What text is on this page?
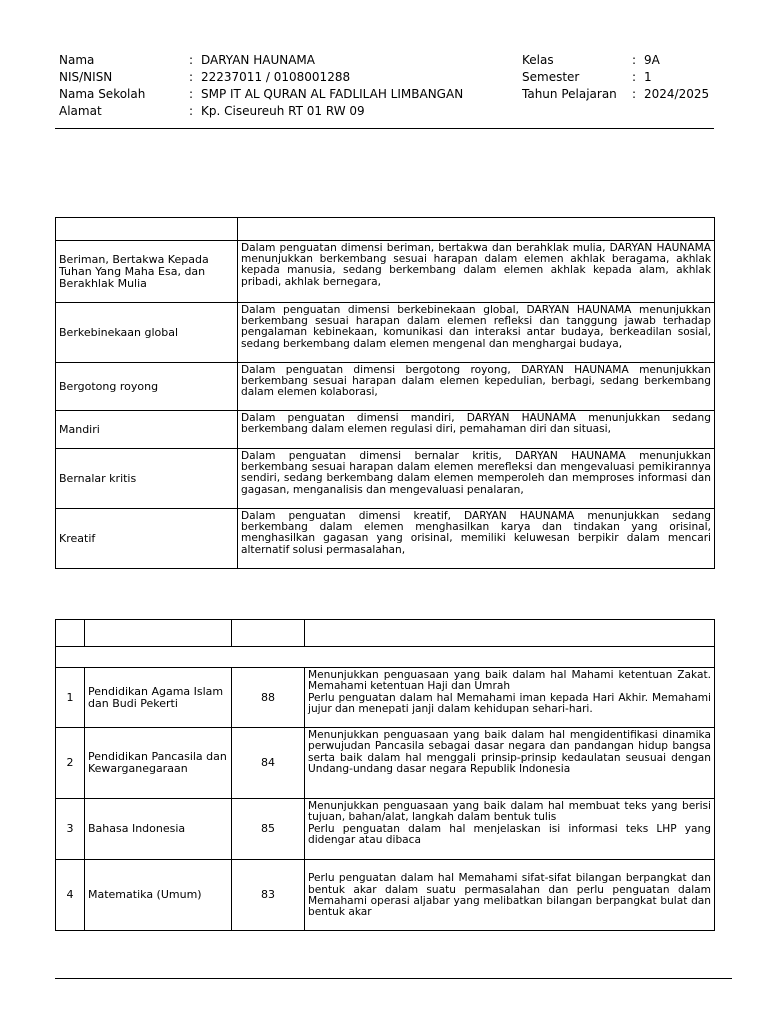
Nama	: DARYAN HAUNAMA
NIS/NISN	: 22237011 / 0108001288
Nama Sekolah	: SMP IT AL QURAN AL FADLILAH LIMBANGAN
Alamat	: Kp. Ciseureuh RT 01 RW 09
Kelas	: 9A
Semester	: 1
Tahun Pelajaran : 2024/2025

Beriman, Bertakwa Kepada Tuhan Yang Maha Esa, dan Berakhlak Mulia	Dalam penguatan dimensi beriman, bertakwa dan berahklak mulia, DARYAN HAUNAMA menunjukkan berkembang sesuai harapan dalam elemen akhlak beragama, akhlak kepada manusia, sedang berkembang dalam elemen akhlak kepada alam, akhlak pribadi, akhlak bernegara,
Berkebinekaan global	Dalam penguatan dimensi berkebinekaan global, DARYAN HAUNAMA menunjukkan berkembang sesuai harapan dalam elemen refleksi dan tanggung jawab terhadap pengalaman kebinekaan, komunikasi dan interaksi antar budaya, berkeadilan sosial, sedang berkembang dalam elemen mengenal dan menghargai budaya,
Bergotong royong	Dalam penguatan dimensi bergotong royong, DARYAN HAUNAMA menunjukkan berkembang sesuai harapan dalam elemen kepedulian, berbagi, sedang berkembang dalam elemen kolaborasi,
Mandiri	Dalam penguatan dimensi mandiri, DARYAN HAUNAMA menunjukkan sedang berkembang dalam elemen regulasi diri, pemahaman diri dan situasi,
Bernalar kritis	Dalam penguatan dimensi bernalar kritis, DARYAN HAUNAMA menunjukkan berkembang sesuai harapan dalam elemen merefleksi dan mengevaluasi pemikirannya sendiri, sedang berkembang dalam elemen memperoleh dan memproses informasi dan gagasan, menganalisis dan mengevaluasi penalaran,
Kreatif	Dalam penguatan dimensi kreatif, DARYAN HAUNAMA menunjukkan sedang berkembang dalam elemen menghasilkan karya dan tindakan yang orisinal, menghasilkan gagasan yang orisinal, memiliki keluwesan berpikir dalam mencari alternatif solusi permasalahan,

1	Pendidikan Agama Islam dan Budi Pekerti	88	Menunjukkan penguasaan yang baik dalam hal Mahami ketentuan Zakat. Memahami ketentuan Haji dan Umrah
Perlu penguatan dalam hal Memahami iman kepada Hari Akhir. Memahami jujur dan menepati janji dalam kehidupan sehari-hari.
2	Pendidikan Pancasila dan Kewarganegaraan	84	Menunjukkan penguasaan yang baik dalam hal mengidentifikasi dinamika perwujudan Pancasila sebagai dasar negara dan pandangan hidup bangsa serta baik dalam hal menggali prinsip-prinsip kedaulatan seusuai dengan Undang-undang dasar negara Republik Indonesia
3	Bahasa Indonesia	85	Menunjukkan penguasaan yang baik dalam hal membuat teks yang berisi tujuan, bahan/alat, langkah dalam bentuk tulis
Perlu penguatan dalam hal menjelaskan isi informasi teks LHP yang didengar atau dibaca
4	Matematika (Umum)	83	Perlu penguatan dalam hal Memahami sifat-sifat bilangan berpangkat dan bentuk akar dalam suatu permasalahan dan perlu penguatan dalam Memahami operasi aljabar yang melibatkan bilangan berpangkat bulat dan bentuk akar
